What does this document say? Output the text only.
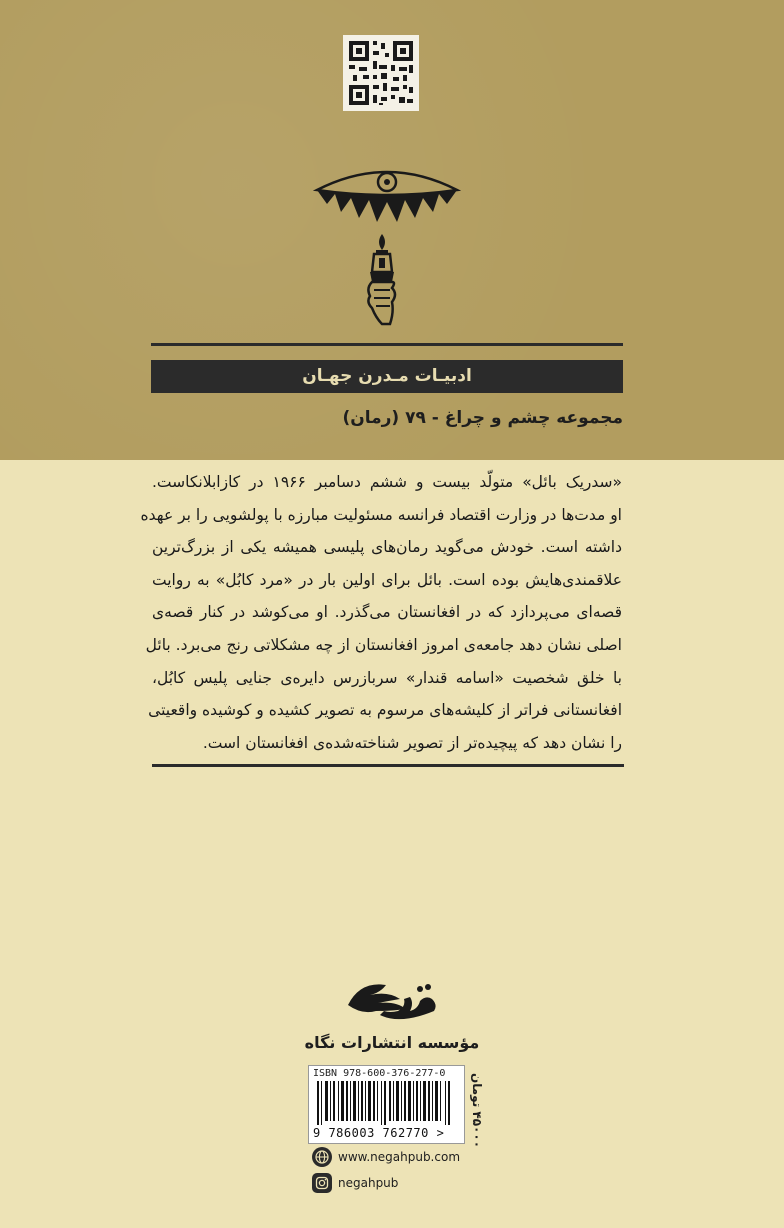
ادبیـات مـدرن جهـان
مجموعه چشم و چراغ - ۷۹ (رمان)

«سدریک بائل» متولّد بیست و ششم دسامبر ۱۹۶۶ در کازابلانکاست.

او مدت‌ها در وزارت اقتصاد فرانسه مسئولیت مبارزه با پولشویی را بر عهده

داشته است. خودش می‌گوید رمان‌های پلیسی همیشه یکی از بزرگ‌ترین

علاقمندی‌هایش بوده است. بائل برای اولین بار در «مرد کابُل» به روایت

قصه‌ای می‌پردازد که در افغانستان می‌گذرد. او می‌کوشد در کنار قصه‌ی

اصلی نشان دهد جامعه‌ی امروز افغانستان از چه مشکلاتی رنج می‌برد. بائل

با خلق شخصیت «اسامه قندار» سربازرس دایره‌ی جنایی پلیس کابُل،

افغانستانی فراتر از کلیشه‌های مرسوم به تصویر کشیده و کوشیده واقعیتی

را نشان دهد که پیچیده‌تر از تصویر شناخته‌شده‌ی افغانستان است.

مؤسسه انتشارات نگاه
ISBN 978-600-376-277-0
9 786003 762770 >
۴۵۰۰۰ تومان
www.negahpub.com
negahpub
